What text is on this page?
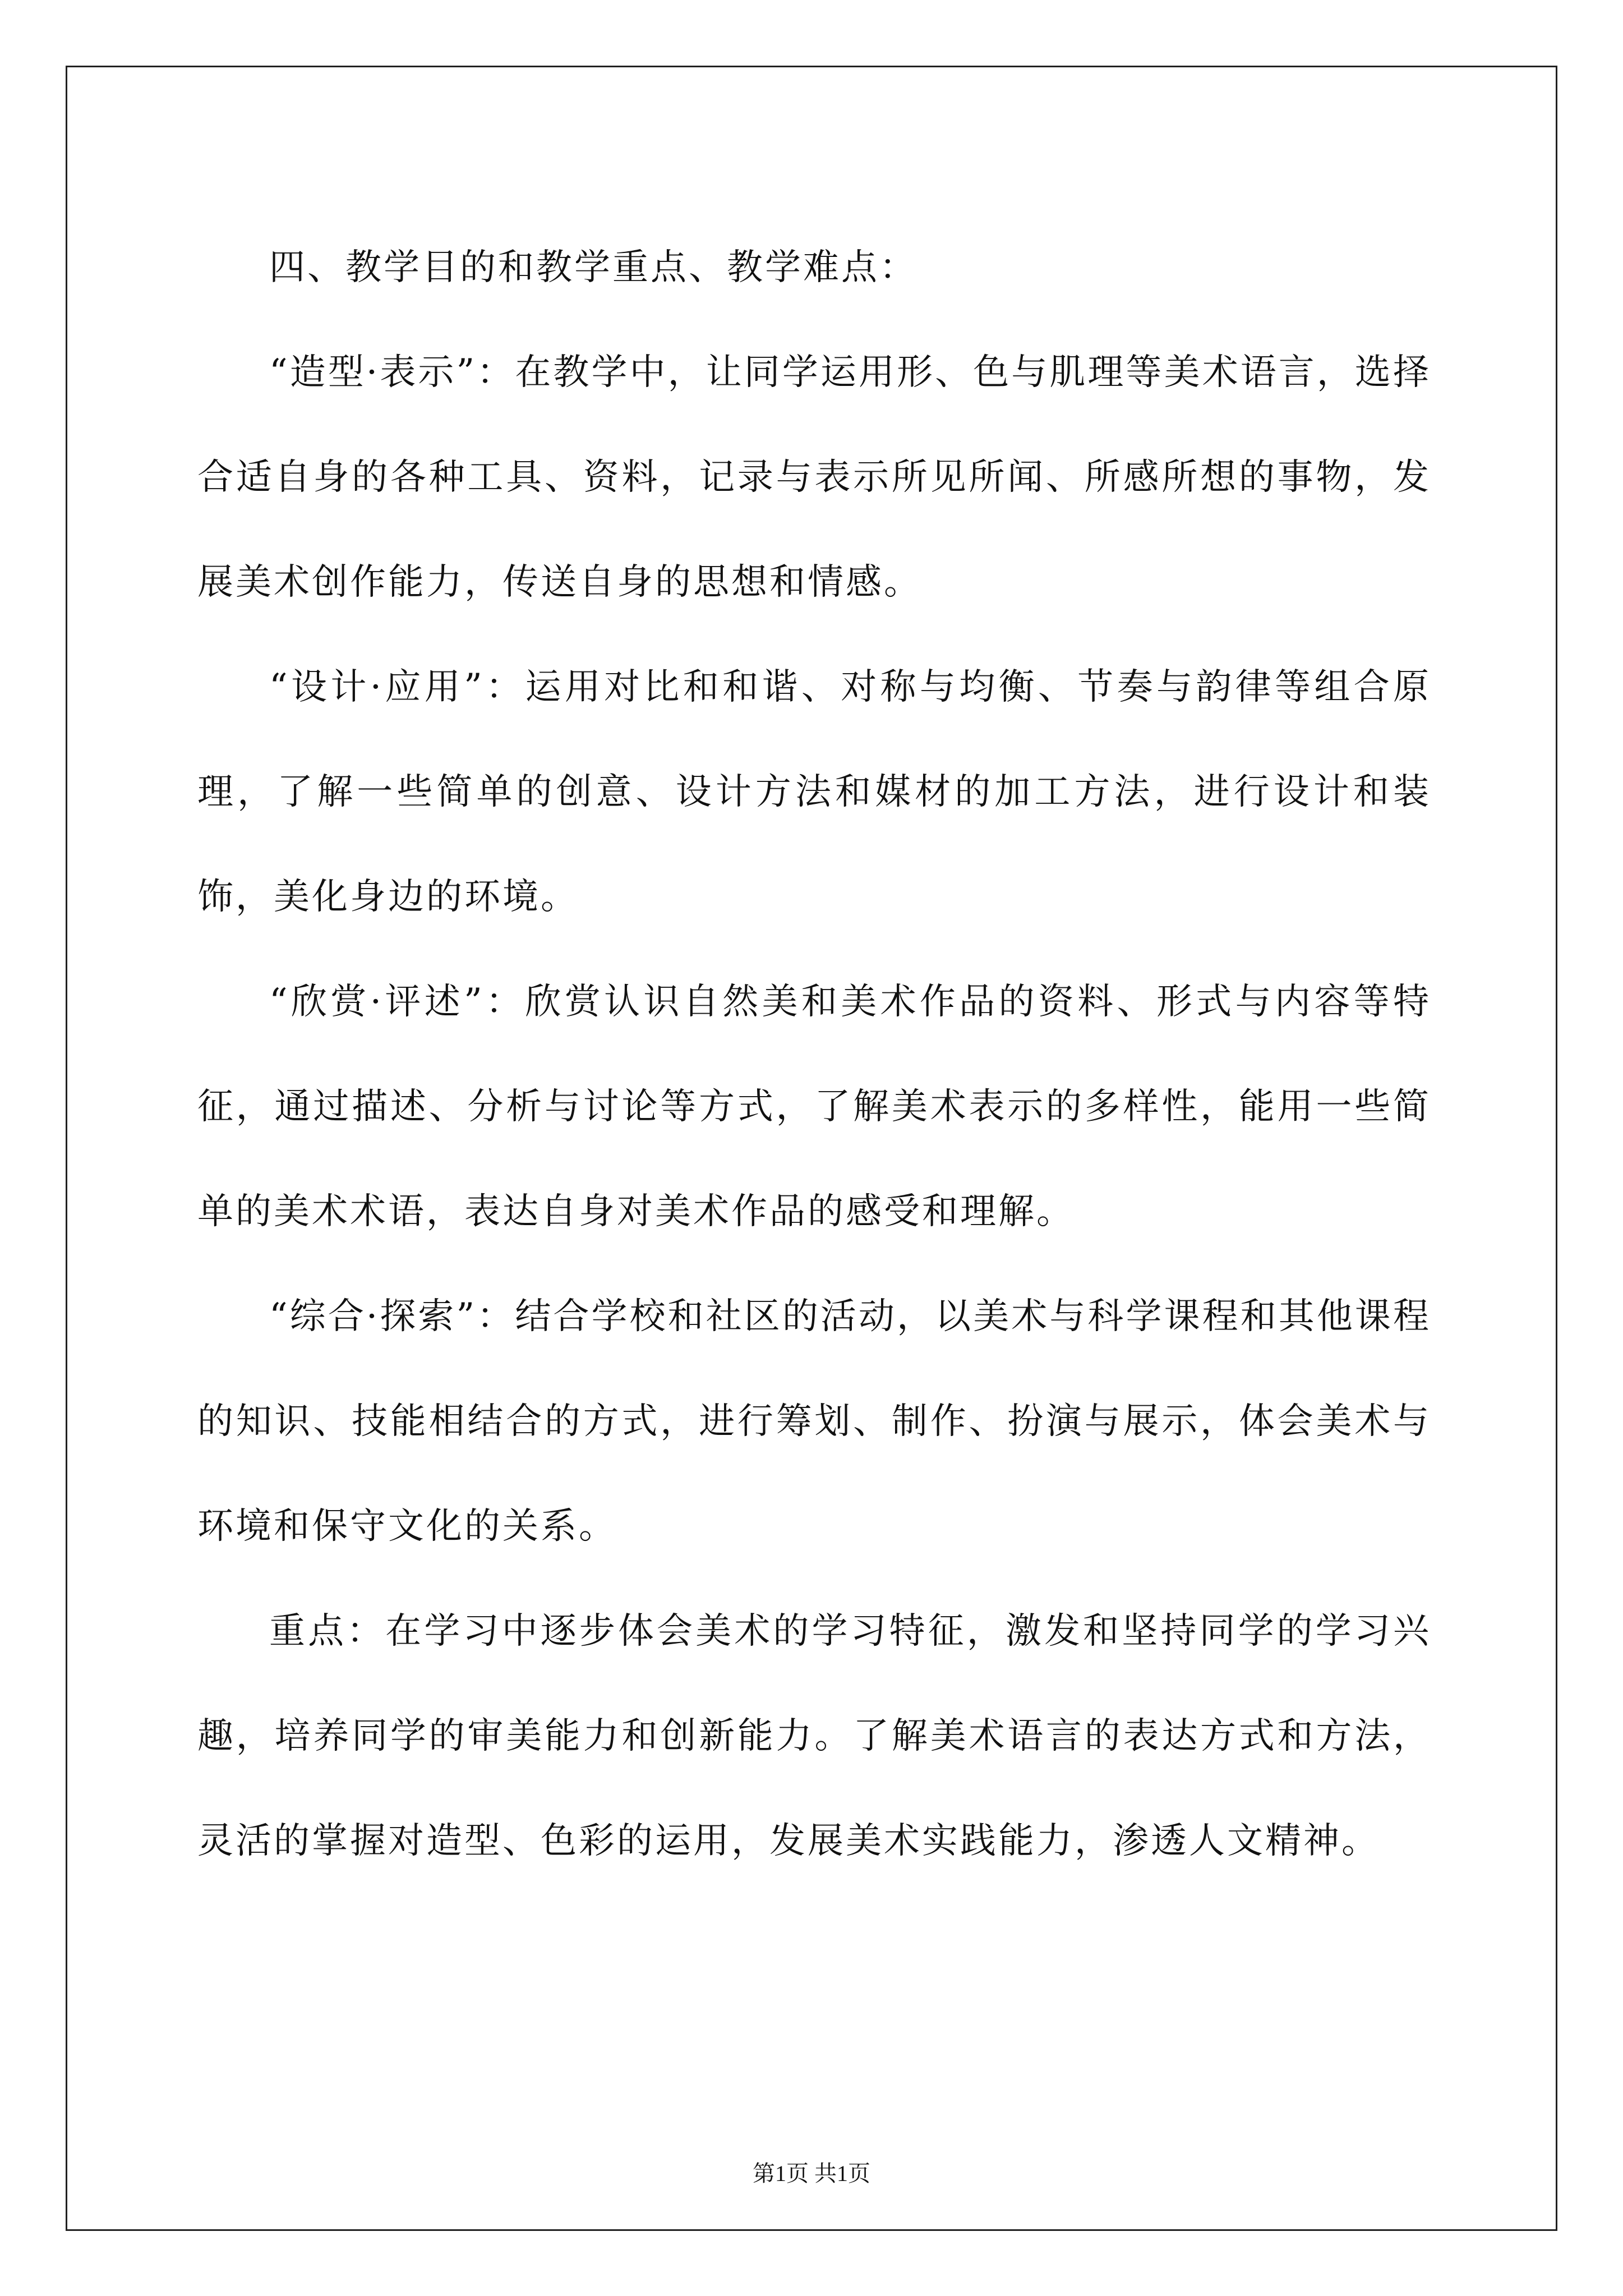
四、教学目的和教学重点、教学难点：

“造型·表示”：在教学中，让同学运用形、色与肌理等美术语言，选择合适自身的各种工具、资料，记录与表示所见所闻、所感所想的事物，发展美术创作能力，传送自身的思想和情感。

“设计·应用”：运用对比和和谐、对称与均衡、节奏与韵律等组合原理，了解一些简单的创意、设计方法和媒材的加工方法，进行设计和装饰，美化身边的环境。

“欣赏·评述”：欣赏认识自然美和美术作品的资料、形式与内容等特征，通过描述、分析与讨论等方式，了解美术表示的多样性，能用一些简单的美术术语，表达自身对美术作品的感受和理解。

“综合·探索”：结合学校和社区的活动，以美术与科学课程和其他课程的知识、技能相结合的方式，进行筹划、制作、扮演与展示，体会美术与环境和保守文化的关系。

重点：在学习中逐步体会美术的学习特征，激发和坚持同学的学习兴趣，培养同学的审美能力和创新能力。了解美术语言的表达方式和方法，灵活的掌握对造型、色彩的运用，发展美术实践能力，渗透人文精神。

第1页 共1页
